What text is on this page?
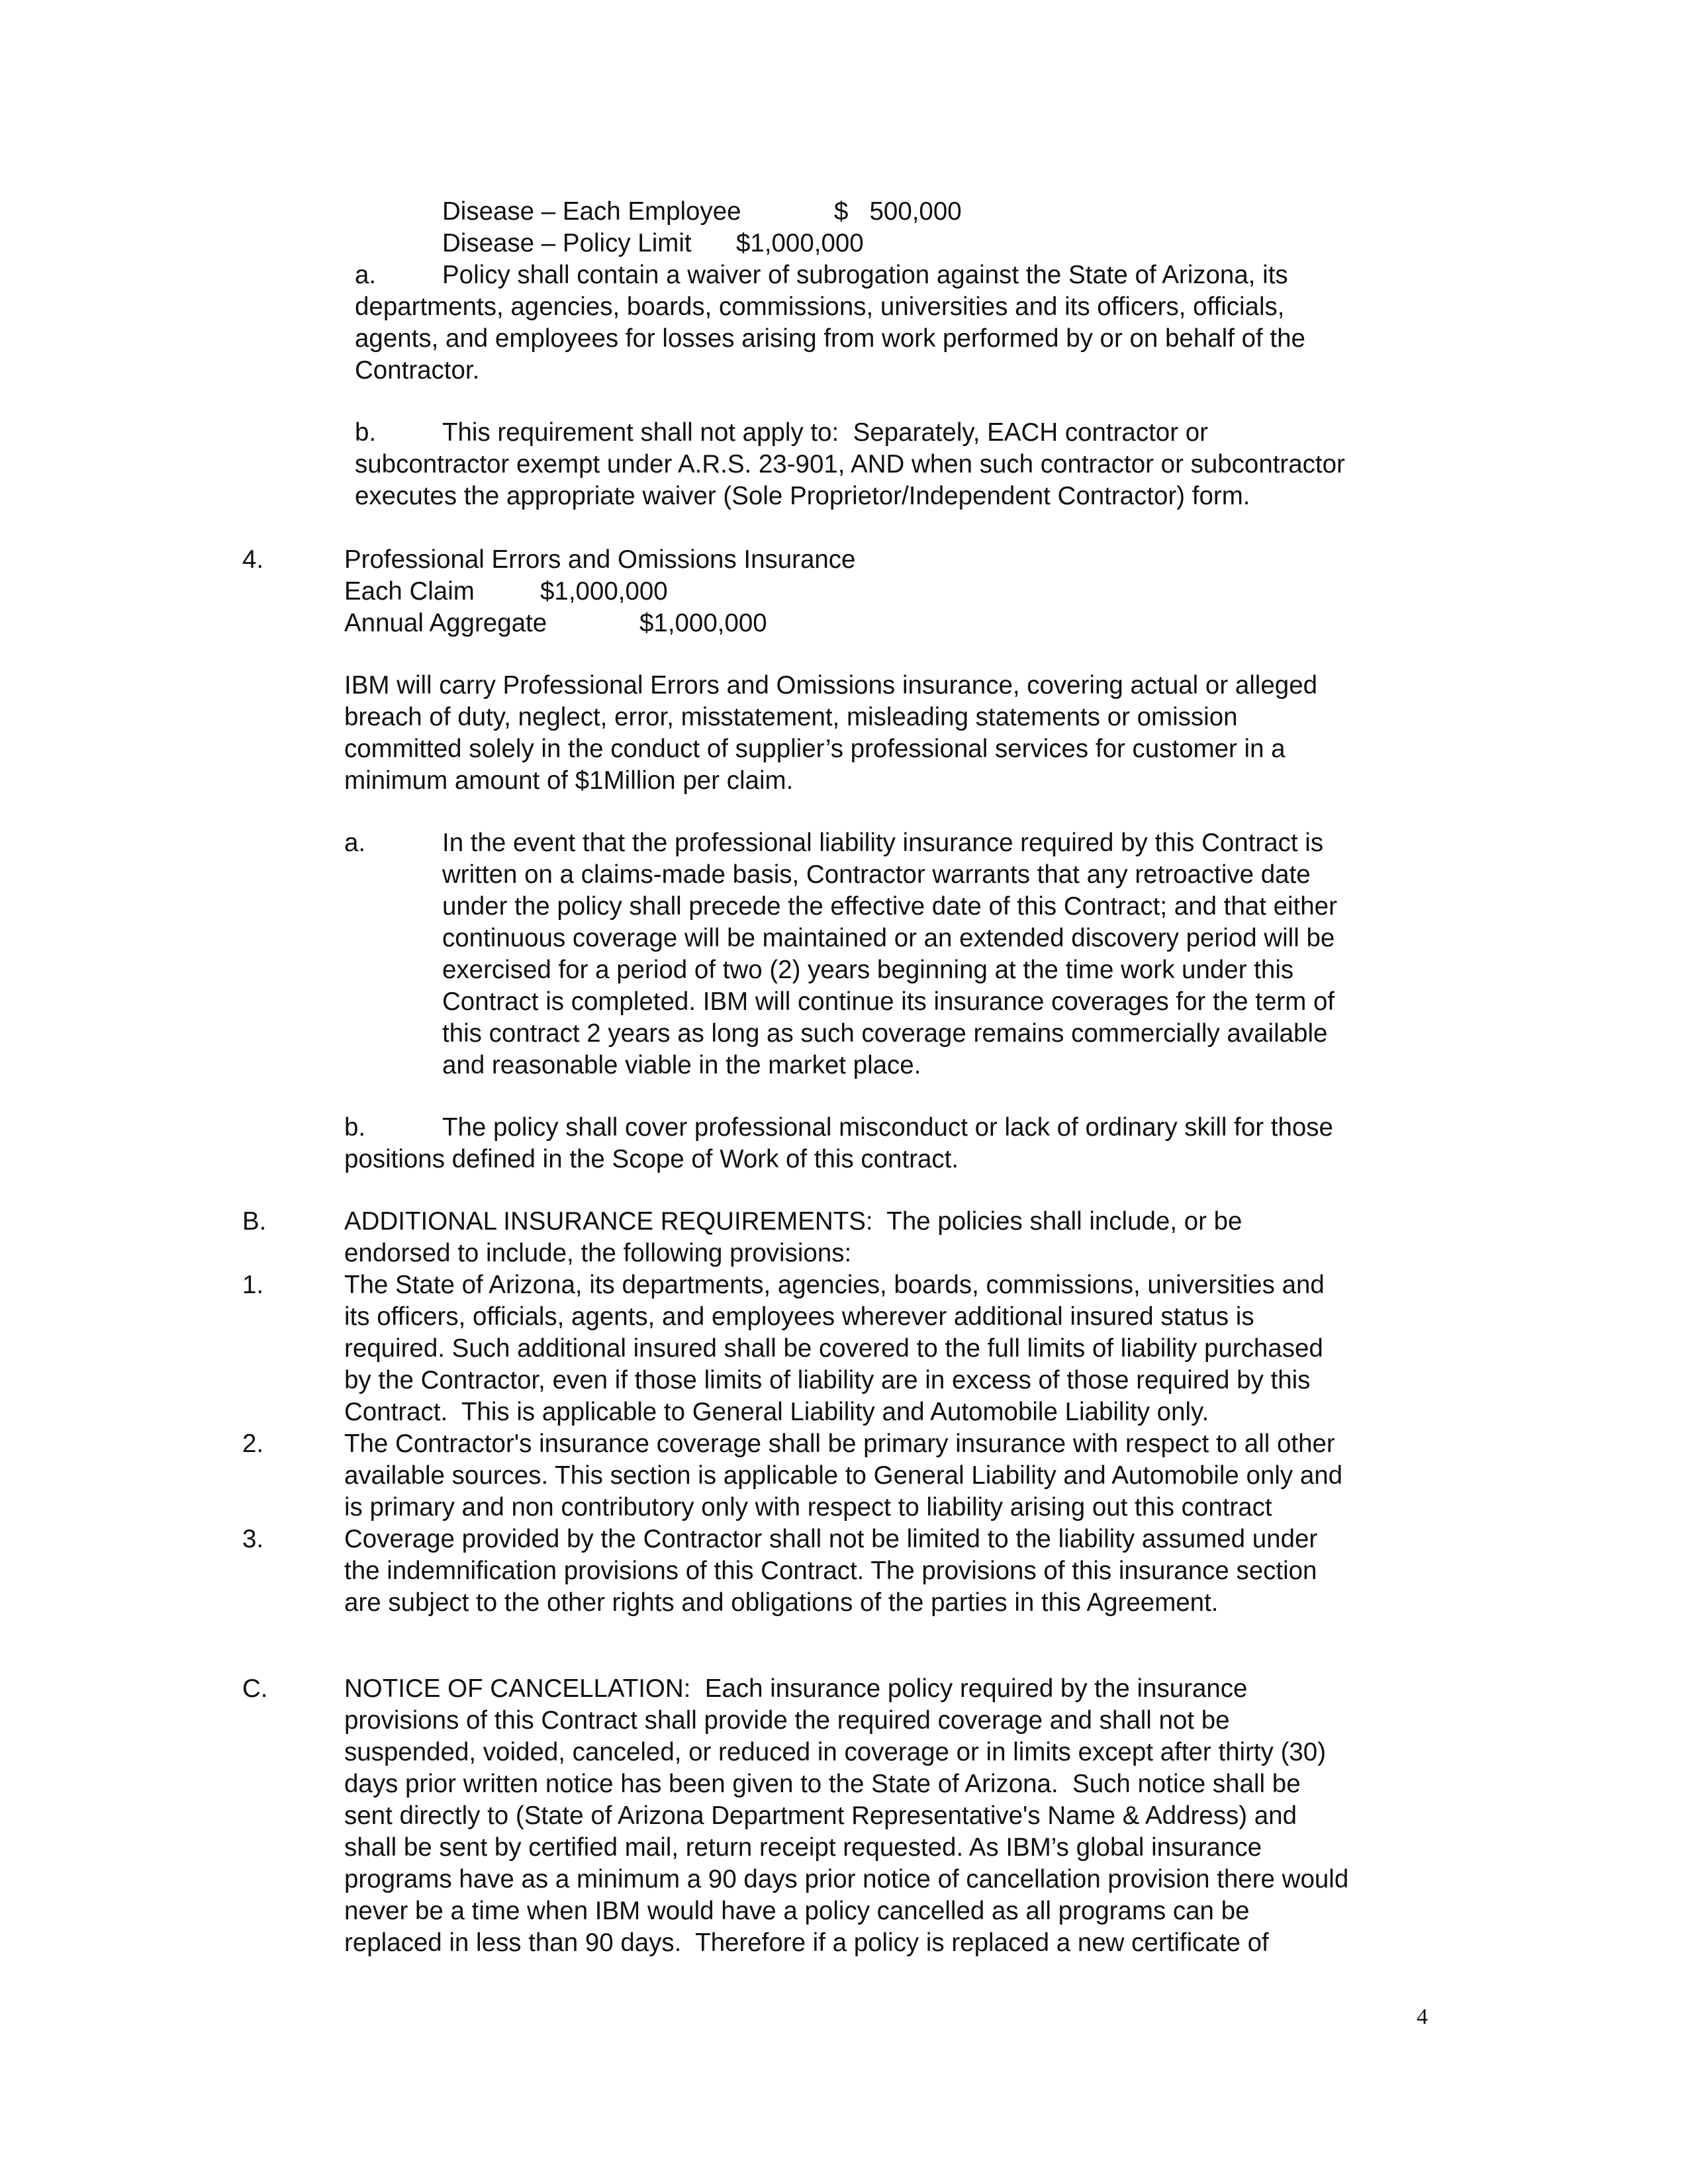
Disease – Each Employee	$   500,000
Disease – Policy Limit $1,000,000
a.	Policy shall contain a waiver of subrogation against the State of Arizona, its
departments, agencies, boards, commissions, universities and its officers, officials,
agents, and employees for losses arising from work performed by or on behalf of the
Contractor.
b.	This requirement shall not apply to:  Separately, EACH contractor or
subcontractor exempt under A.R.S. 23-901, AND when such contractor or subcontractor
executes the appropriate waiver (Sole Proprietor/Independent Contractor) form.
4.	Professional Errors and Omissions Insurance
Each Claim	$1,000,000
Annual Aggregate	$1,000,000
IBM will carry Professional Errors and Omissions insurance, covering actual or alleged
breach of duty, neglect, error, misstatement, misleading statements or omission
committed solely in the conduct of supplier’s professional services for customer in a
minimum amount of $1Million per claim.
a.	In the event that the professional liability insurance required by this Contract is
written on a claims-made basis, Contractor warrants that any retroactive date
under the policy shall precede the effective date of this Contract; and that either
continuous coverage will be maintained or an extended discovery period will be
exercised for a period of two (2) years beginning at the time work under this
Contract is completed. IBM will continue its insurance coverages for the term of
this contract 2 years as long as such coverage remains commercially available
and reasonable viable in the market place.
b.	The policy shall cover professional misconduct or lack of ordinary skill for those
positions defined in the Scope of Work of this contract.
B.	ADDITIONAL INSURANCE REQUIREMENTS:  The policies shall include, or be
endorsed to include, the following provisions:
1.	The State of Arizona, its departments, agencies, boards, commissions, universities and
its officers, officials, agents, and employees wherever additional insured status is
required. Such additional insured shall be covered to the full limits of liability purchased
by the Contractor, even if those limits of liability are in excess of those required by this
Contract.  This is applicable to General Liability and Automobile Liability only.
2.	The Contractor's insurance coverage shall be primary insurance with respect to all other
available sources. This section is applicable to General Liability and Automobile only and
is primary and non contributory only with respect to liability arising out this contract
3.	Coverage provided by the Contractor shall not be limited to the liability assumed under
the indemnification provisions of this Contract. The provisions of this insurance section
are subject to the other rights and obligations of the parties in this Agreement.
C.	NOTICE OF CANCELLATION:  Each insurance policy required by the insurance
provisions of this Contract shall provide the required coverage and shall not be
suspended, voided, canceled, or reduced in coverage or in limits except after thirty (30)
days prior written notice has been given to the State of Arizona.  Such notice shall be
sent directly to (State of Arizona Department Representative's Name & Address) and
shall be sent by certified mail, return receipt requested. As IBM’s global insurance
programs have as a minimum a 90 days prior notice of cancellation provision there would
never be a time when IBM would have a policy cancelled as all programs can be
replaced in less than 90 days.  Therefore if a policy is replaced a new certificate of
4
